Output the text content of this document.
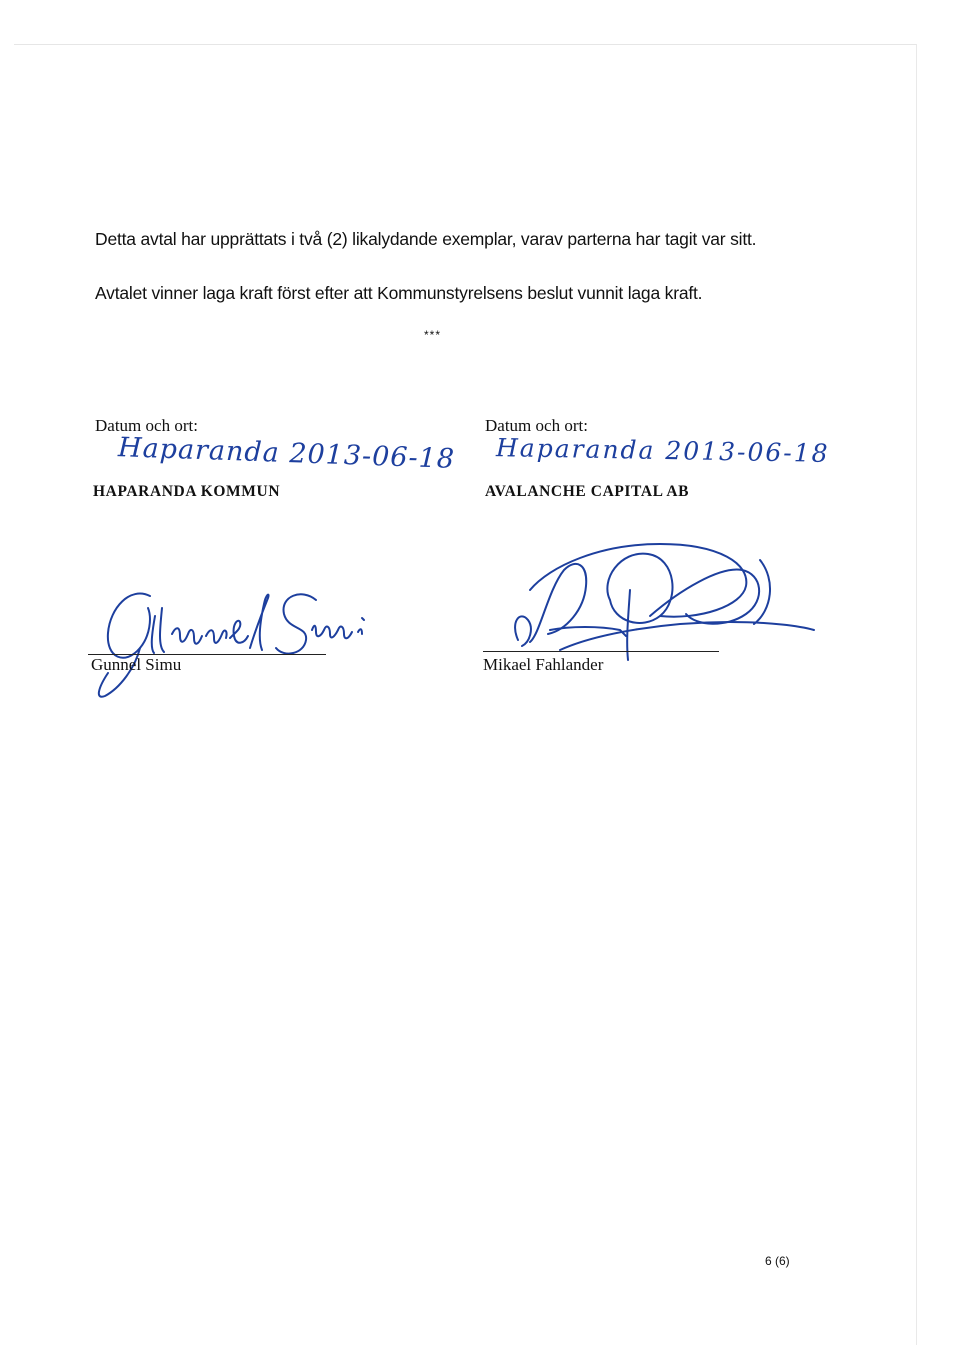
Detta avtal har upprättats i två (2) likalydande exemplar, varav parterna har tagit var sitt.
Avtalet vinner laga kraft först efter att Kommunstyrelsens beslut vunnit laga kraft.
***
Datum och ort:
Haparanda 2013-06-18
HAPARANDA KOMMUN
Gunnel Simu
Datum och ort:
Haparanda 2013-06-18
AVALANCHE CAPITAL AB
Mikael Fahlander
6 (6)
